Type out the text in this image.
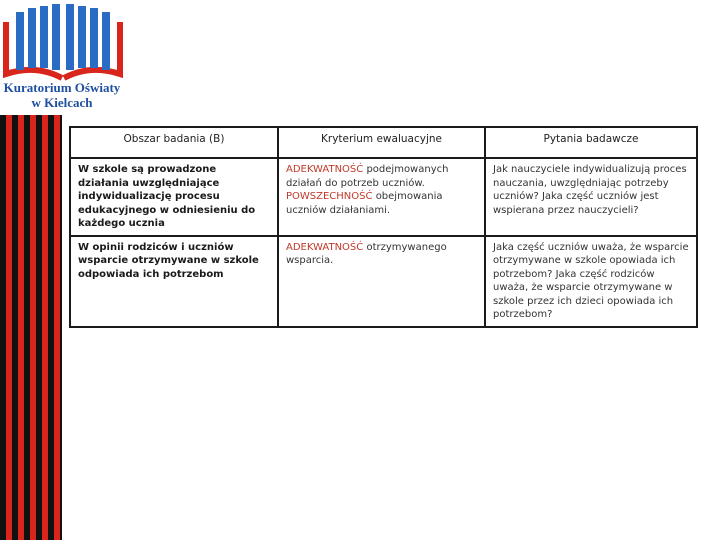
Kuratorium Oświaty
w Kielcach
Obszar badania (B)	Kryterium ewaluacyjne	Pytania badawcze
W szkole są prowadzone działania uwzględniające indywidualizację procesu edukacyjnego w odniesieniu do każdego ucznia	ADEKWATNOŚĆ podejmowanych działań do potrzeb uczniów. POWSZECHNOŚĆ obejmowania uczniów działaniami.	Jak nauczyciele indywidualizują proces nauczania, uwzględniając potrzeby uczniów? Jaka część uczniów jest wspierana przez nauczycieli?
W opinii rodziców i uczniów wsparcie otrzymywane w szkole odpowiada ich potrzebom	ADEKWATNOŚĆ otrzymywanego wsparcia.	Jaka część uczniów uważa, że wsparcie otrzymywane w szkole opowiada ich potrzebom? Jaka część rodziców uważa, że wsparcie otrzymywane w szkole przez ich dzieci opowiada ich potrzebom?
